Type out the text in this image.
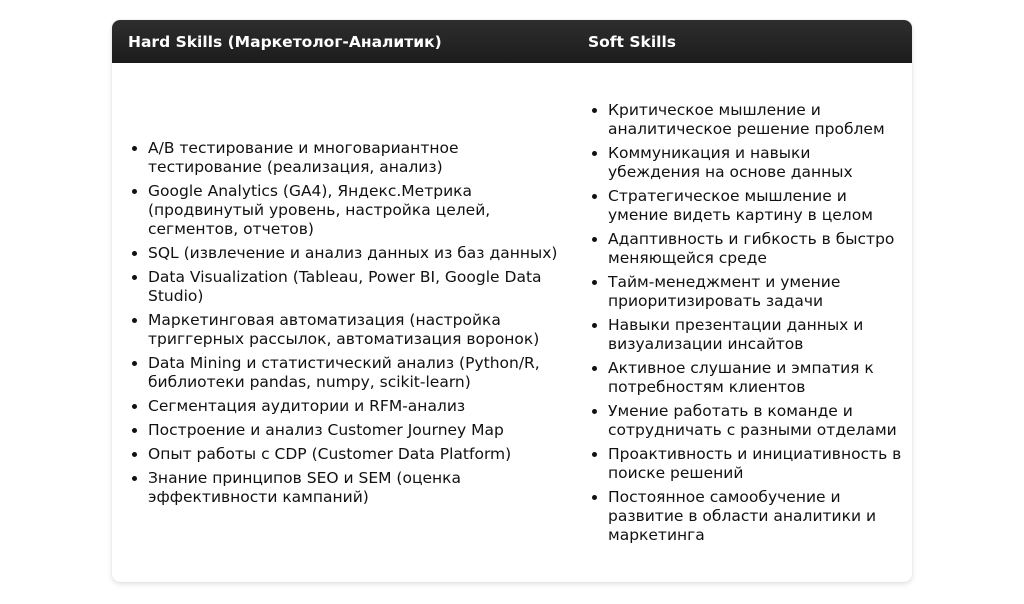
Hard Skills (Маркетолог-Аналитик)	Soft Skills
• A/B тестирование и многовариантное тестирование (реализация, анализ)
• Google Analytics (GA4), Яндекс.Метрика (продвинутый уровень, настройка целей, сегментов, отчетов)
• SQL (извлечение и анализ данных из баз данных)
• Data Visualization (Tableau, Power BI, Google Data Studio)
• Маркетинговая автоматизация (настройка триггерных рассылок, автоматизация воронок)
• Data Mining и статистический анализ (Python/R, библиотеки pandas, numpy, scikit-learn)
• Сегментация аудитории и RFM-анализ
• Построение и анализ Customer Journey Map
• Опыт работы с CDP (Customer Data Platform)
• Знание принципов SEO и SEM (оценка эффективности кампаний)
• Критическое мышление и аналитическое решение проблем
• Коммуникация и навыки убеждения на основе данных
• Стратегическое мышление и умение видеть картину в целом
• Адаптивность и гибкость в быстро меняющейся среде
• Тайм-менеджмент и умение приоритизировать задачи
• Навыки презентации данных и визуализации инсайтов
• Активное слушание и эмпатия к потребностям клиентов
• Умение работать в команде и сотрудничать с разными отделами
• Проактивность и инициативность в поиске решений
• Постоянное самообучение и развитие в области аналитики и маркетинга
